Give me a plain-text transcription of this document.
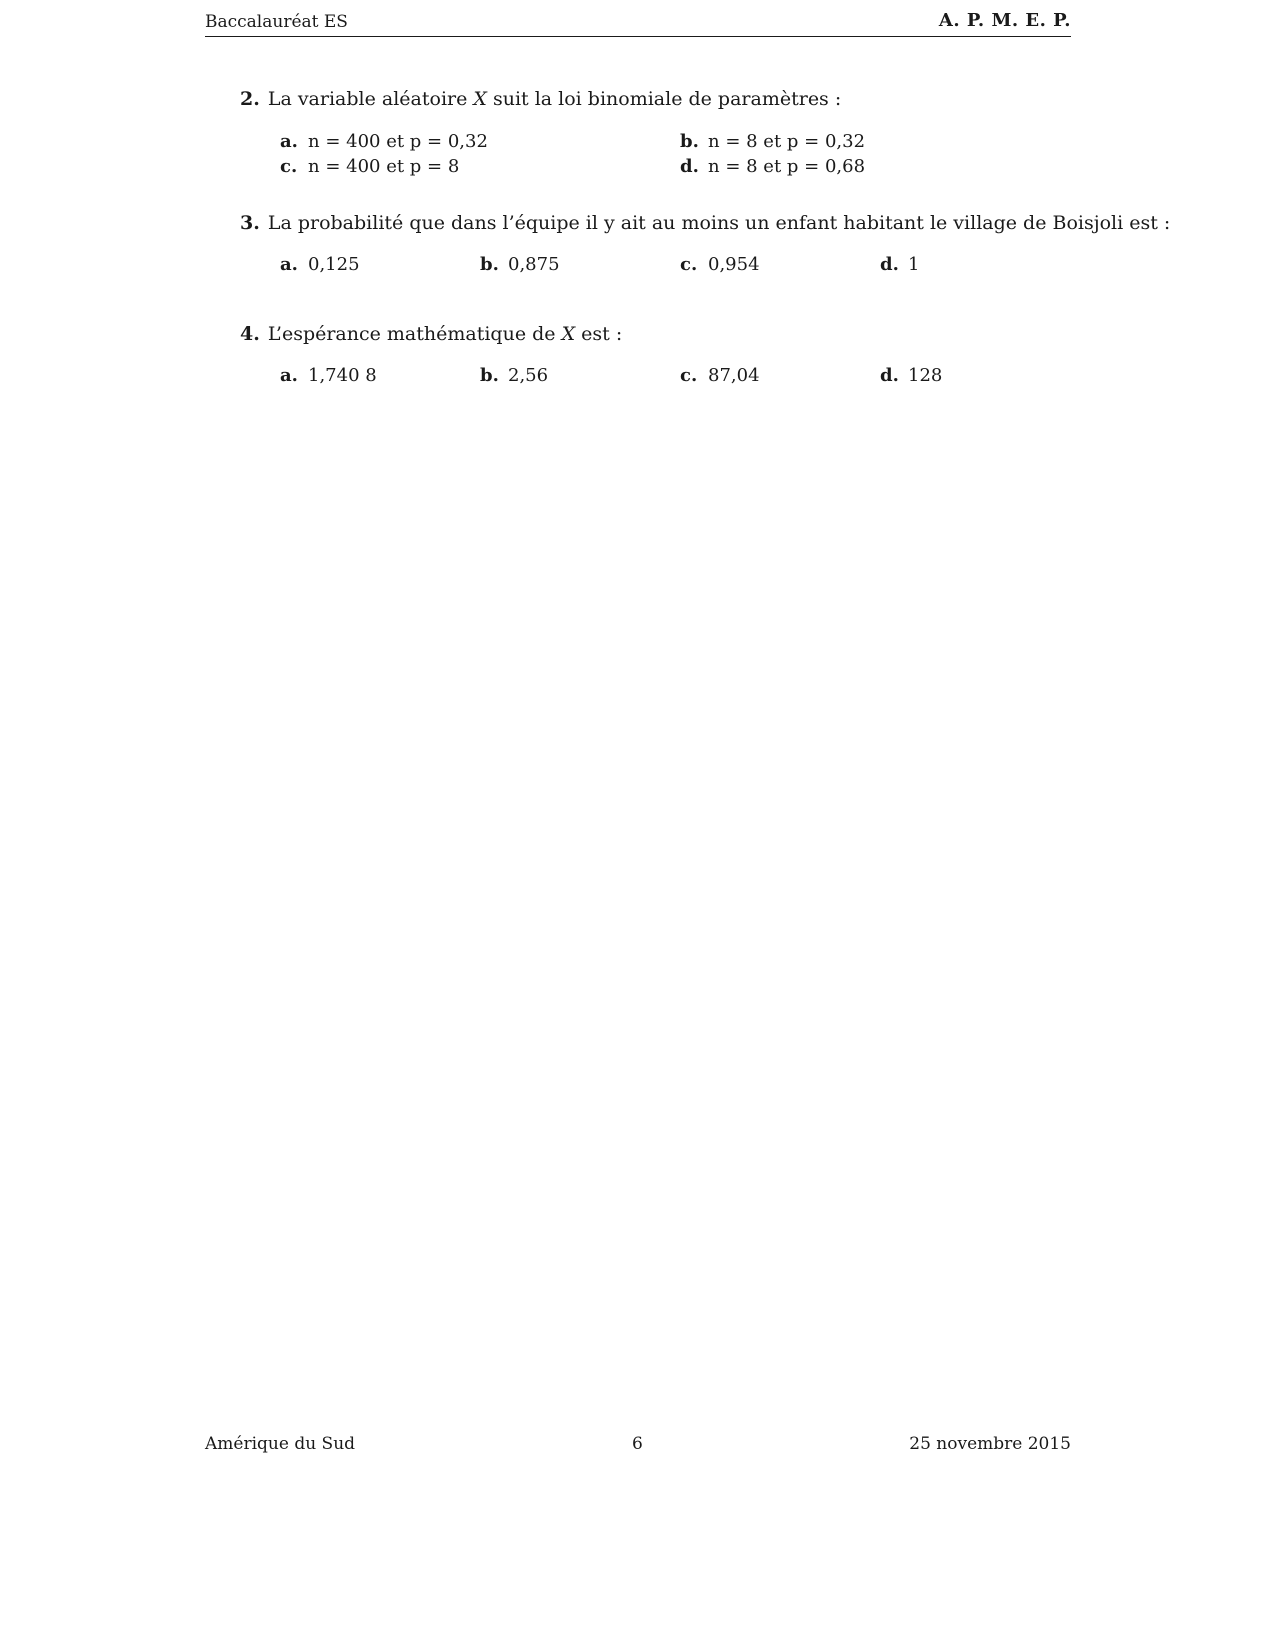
Baccalauréat ES	A. P. M. E. P.
2. La variable aléatoire X suit la loi binomiale de paramètres :
a. n = 400 et p = 0,32	b. n = 8 et p = 0,32
c. n = 400 et p = 8	d. n = 8 et p = 0,68
3. La probabilité que dans l’équipe il y ait au moins un enfant habitant le village de Boisjoli est :
a. 0,125	b. 0,875	c. 0,954	d. 1
4. L’espérance mathématique de X est :
a. 1,740 8	b. 2,56	c. 87,04	d. 128
Amérique du Sud	6	25 novembre 2015
